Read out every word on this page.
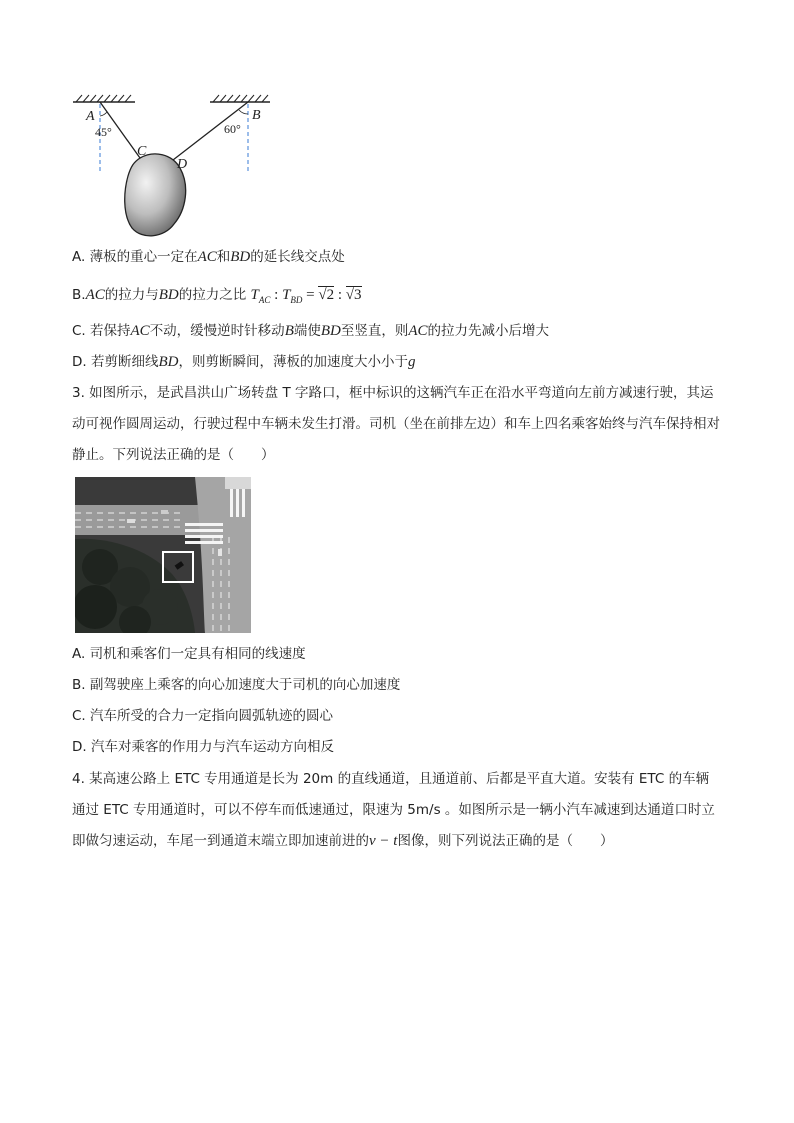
A	B
C
D
45°	60°
A. 薄板的重心一定在AC和BD的延长线交点处
B.AC的拉力与BD的拉力之比 $T_{AC}$ : $T_{BD} = √2$ : √3
C. 若保持AC不动，缓慢逆时针移动B端使BD至竖直，则AC的拉力先减小后增大
D. 若剪断细线BD，则剪断瞬间，薄板的加速度大小小于g
3. 如图所示，是武昌洪山广场转盘 T 字路口，框中标识的这辆汽车正在沿水平弯道向左前方减速行驶，其运动可视作圆周运动，行驶过程中车辆未发生打滑。司机（坐在前排左边）和车上四名乘客始终与汽车保持相对静止。下列说法正确的是（　　）
A. 司机和乘客们一定具有相同的线速度
B. 副驾驶座上乘客的向心加速度大于司机的向心加速度
C. 汽车所受的合力一定指向圆弧轨迹的圆心
D. 汽车对乘客的作用力与汽车运动方向相反
4. 某高速公路上 ETC 专用通道是长为 20m 的直线通道，且通道前、后都是平直大道。安装有 ETC 的车辆通过 ETC 专用通道时，可以不停车而低速通过，限速为 5m/s 。如图所示是一辆小汽车减速到达通道口时立即做匀速运动，车尾一到通道末端立即加速前进的v − t图像，则下列说法正确的是（　　）
